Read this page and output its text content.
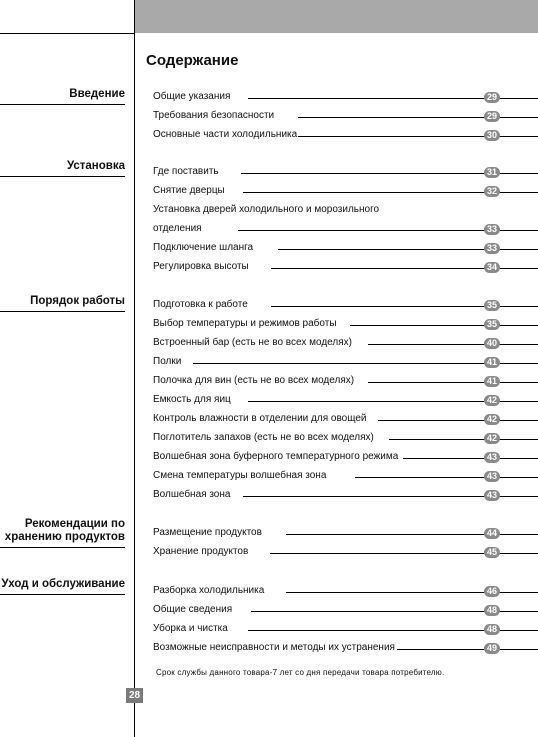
Содержание
Введение	Общие указания	29
Требования безопасности	29
Основные части холодильника	30
Установка	Где поставить	31
Снятие дверцы	32
Установка дверей холодильного и морозильного
отделения	33
Подключение шланга	33
Регулировка высоты	34
Порядок работы	Подготовка к работе	35
Выбор температуры и режимов работы	35
Встроенный бар (есть не во всех моделях)	40
Полки	41
Полочка для вин (есть не во всех моделях)	41
Емкость для яиц	42
Контроль влажности в отделении для овощей	42
Поглотитель запахов (есть не во всех моделях)	42
Волшебная зона буферного температурного режима	43
Смена температуры волшебная зона	43
Волшебная зона	43
Рекомендации по хранению продуктов	Размещение продуктов	44
Хранение продуктов	45
Уход и обслуживание
Разборка холодильника	46
Общие сведения	48
Уборка и чистка	48
Возможные неисправности и методы их устранения	49
Срок службы данного товара-7 лет со дня передачи товара потребителю.
28
